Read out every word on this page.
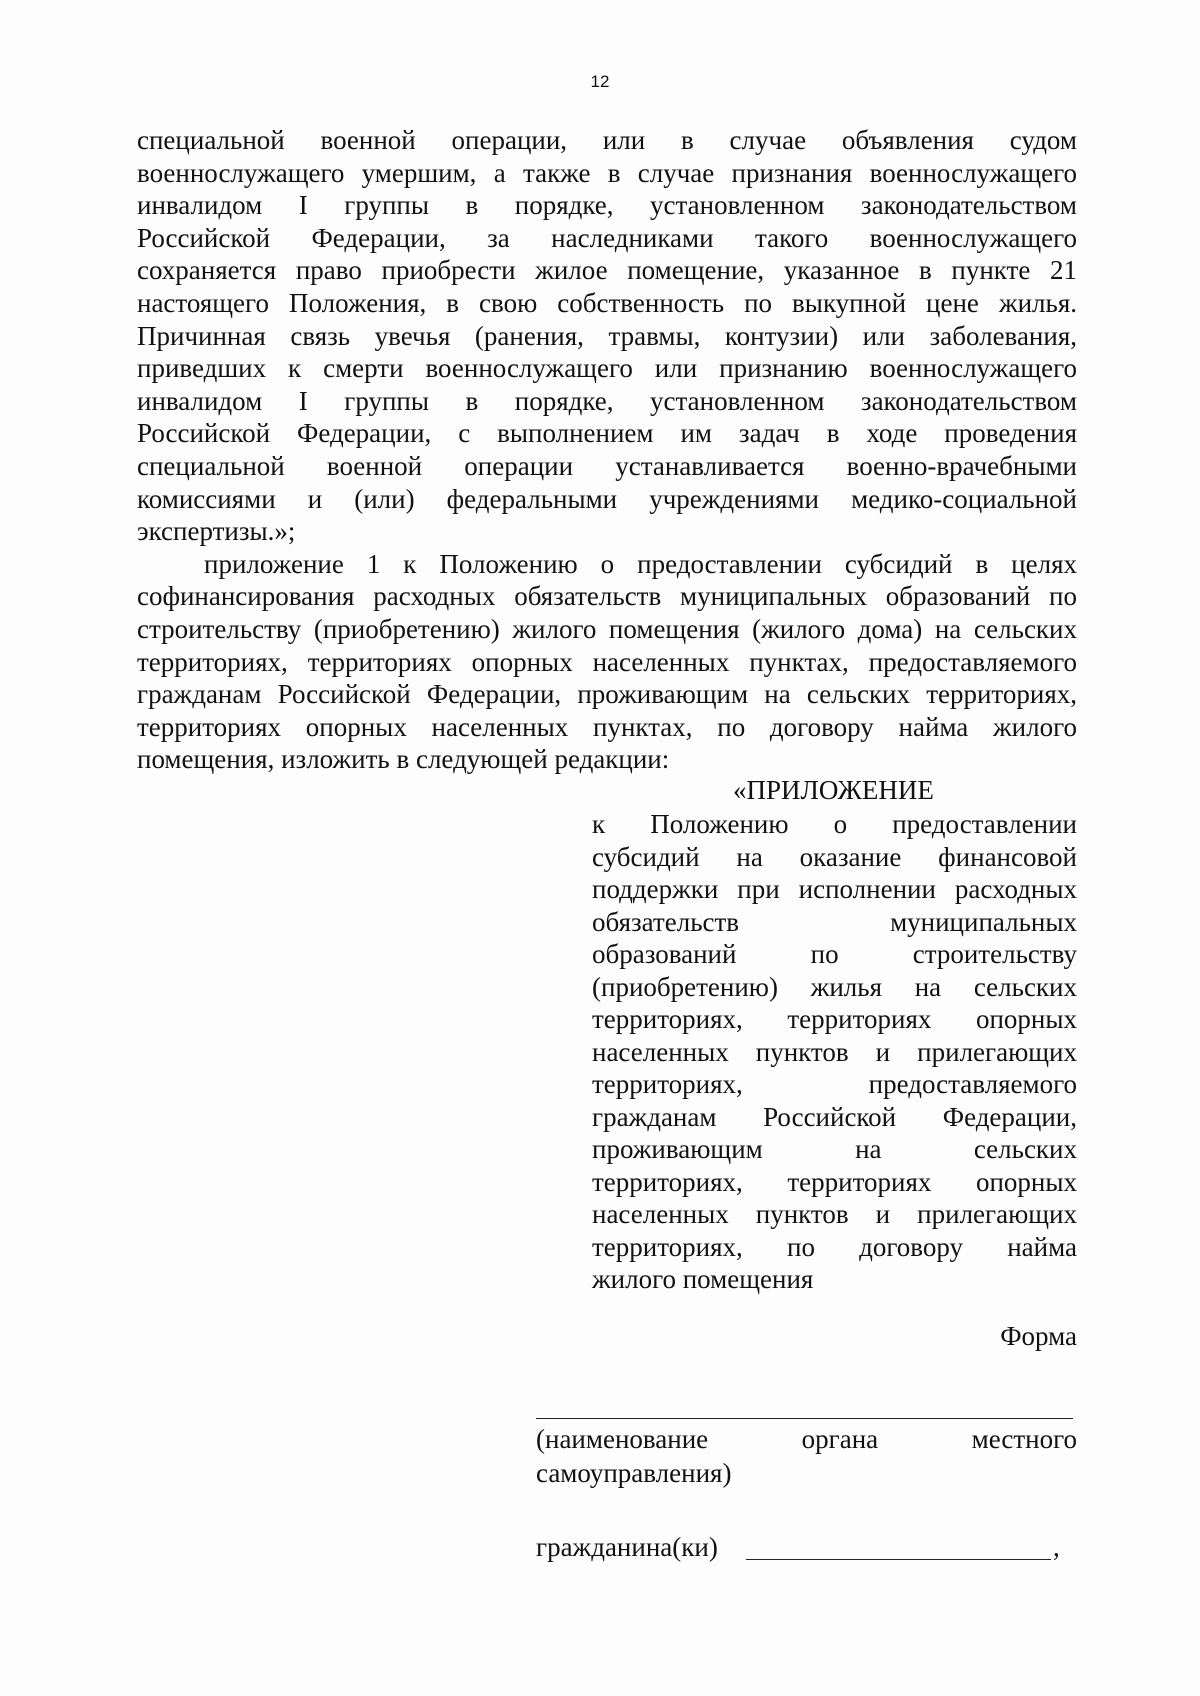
12

специальной военной операции, или в случае объявления судом

военнослужащего умершим, а также в случае признания военнослужащего

инвалидом I группы в порядке, установленном законодательством

Российской Федерации, за наследниками такого военнослужащего

сохраняется право приобрести жилое помещение, указанное в пункте 21

настоящего Положения, в свою собственность по выкупной цене жилья.

Причинная связь увечья (ранения, травмы, контузии) или заболевания,

приведших к смерти военнослужащего или признанию военнослужащего

инвалидом I группы в порядке, установленном законодательством

Российской Федерации, с выполнением им задач в ходе проведения

специальной военной операции устанавливается военно-врачебными

комиссиями и (или) федеральными учреждениями медико-социальной

экспертизы.»;

приложение 1 к Положению о предоставлении субсидий в целях

софинансирования расходных обязательств муниципальных образований по

строительству (приобретению) жилого помещения (жилого дома) на сельских

территориях, территориях опорных населенных пунктах, предоставляемого

гражданам Российской Федерации, проживающим на сельских территориях,

территориях опорных населенных пунктах, по договору найма жилого

помещения, изложить в следующей редакции:

«ПРИЛОЖЕНИЕ
к Положению о предоставлении
субсидий на оказание финансовой
поддержки при исполнении расходных
обязательств муниципальных
образований по строительству
(приобретению) жилья на сельских
территориях, территориях опорных
населенных пунктов и прилегающих
территориях, предоставляемого
гражданам Российской Федерации,
проживающим на сельских
территориях, территориях опорных
населенных пунктов и прилегающих
территориях, по договору найма
жилого помещения
Форма
(наименование органа местного
самоуправления)
гражданина(ки)	,
